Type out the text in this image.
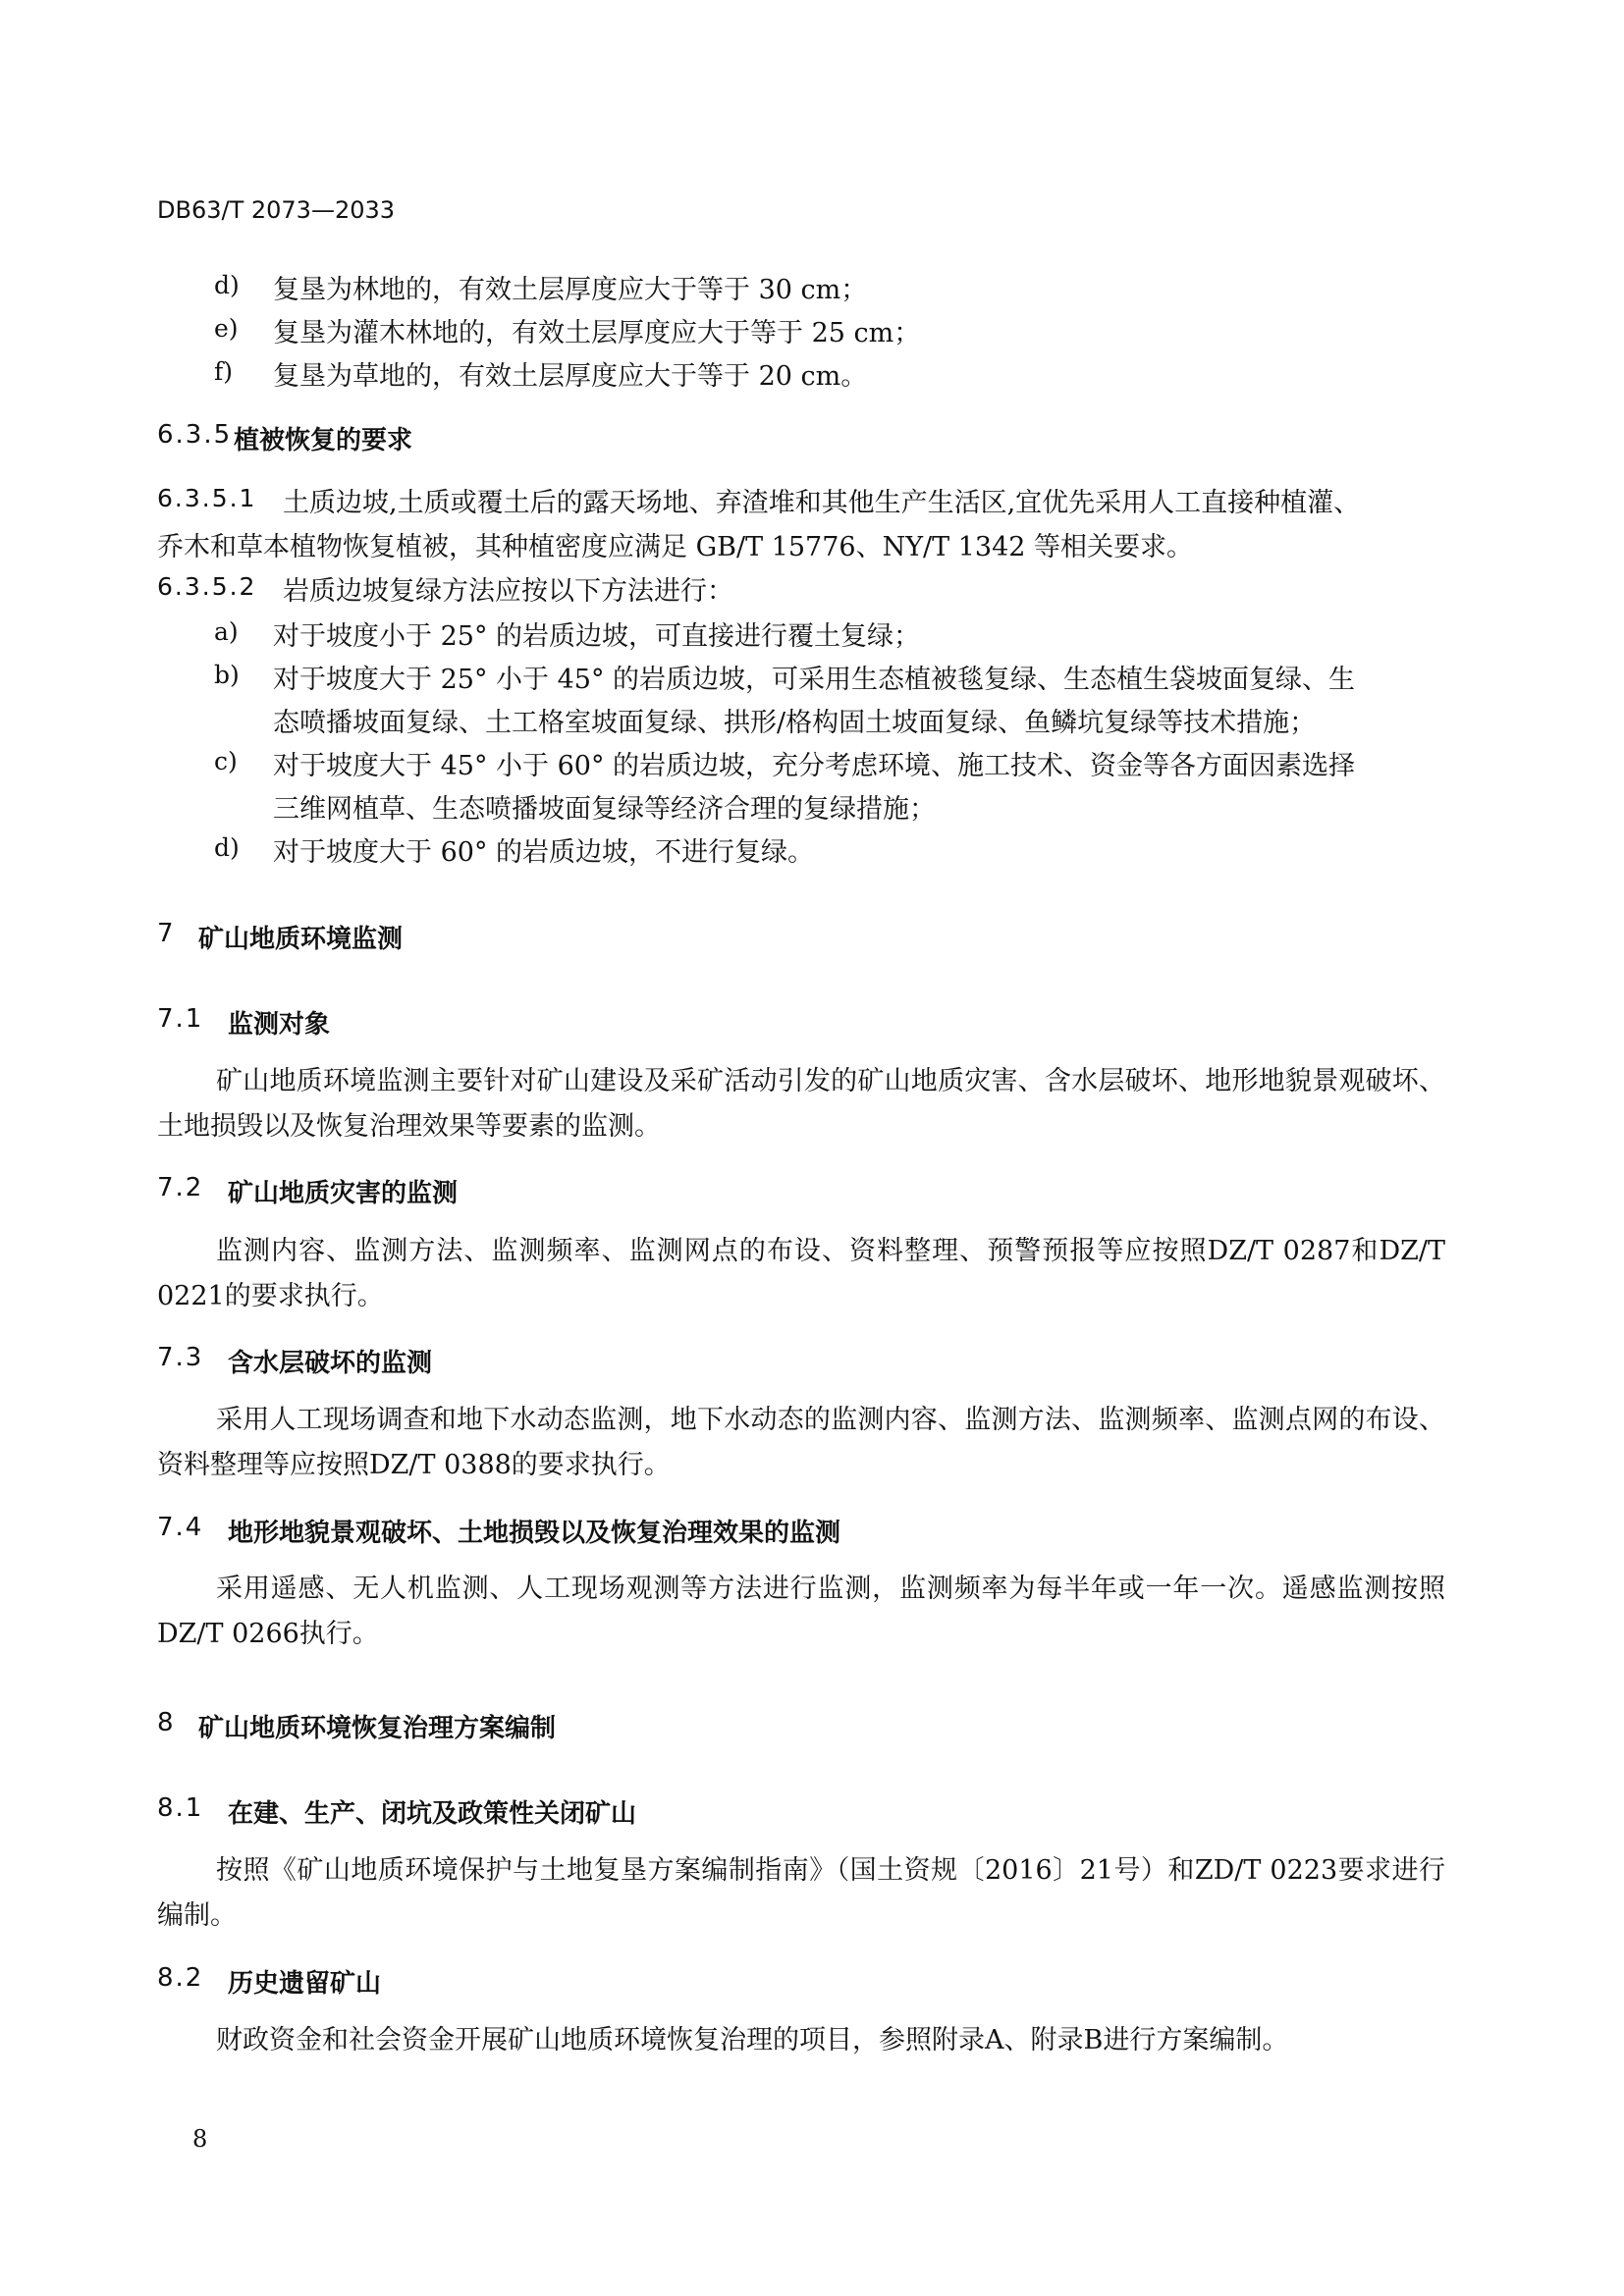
DB63/T 2073—2033
d) 复垦为林地的，有效土层厚度应大于等于 30 cm；
e) 复垦为灌木林地的，有效土层厚度应大于等于 25 cm；
f) 复垦为草地的，有效土层厚度应大于等于 20 cm。
6.3.5 植被恢复的要求
6.3.5.1 土质边坡,土质或覆土后的露天场地、弃渣堆和其他生产生活区,宜优先采用人工直接种植灌、
乔木和草本植物恢复植被，其种植密度应满足 GB/T 15776、NY/T 1342 等相关要求。
6.3.5.2 岩质边坡复绿方法应按以下方法进行：
a) 对于坡度小于 25° 的岩质边坡，可直接进行覆土复绿；
b) 对于坡度大于 25° 小于 45° 的岩质边坡，可采用生态植被毯复绿、生态植生袋坡面复绿、生
态喷播坡面复绿、土工格室坡面复绿、拱形/格构固土坡面复绿、鱼鳞坑复绿等技术措施；
c) 对于坡度大于 45° 小于 60° 的岩质边坡，充分考虑环境、施工技术、资金等各方面因素选择
三维网植草、生态喷播坡面复绿等经济合理的复绿措施；
d) 对于坡度大于 60° 的岩质边坡，不进行复绿。
7 矿山地质环境监测
7.1 监测对象
矿山地质环境监测主要针对矿山建设及采矿活动引发的矿山地质灾害、含水层破坏、地形地貌景观破坏、土地损毁以及恢复治理效果等要素的监测。
7.2 矿山地质灾害的监测
监测内容、监测方法、监测频率、监测网点的布设、资料整理、预警预报等应按照DZ/T 0287和DZ/T 0221的要求执行。
7.3 含水层破坏的监测
采用人工现场调查和地下水动态监测，地下水动态的监测内容、监测方法、监测频率、监测点网的布设、资料整理等应按照DZ/T 0388的要求执行。
7.4 地形地貌景观破坏、土地损毁以及恢复治理效果的监测
采用遥感、无人机监测、人工现场观测等方法进行监测，监测频率为每半年或一年一次。遥感监测按照DZ/T 0266执行。
8 矿山地质环境恢复治理方案编制
8.1 在建、生产、闭坑及政策性关闭矿山
按照《矿山地质环境保护与土地复垦方案编制指南》（国土资规〔2016〕21号）和ZD/T 0223要求进行编制。
8.2 历史遗留矿山
财政资金和社会资金开展矿山地质环境恢复治理的项目，参照附录A、附录B进行方案编制。
8
